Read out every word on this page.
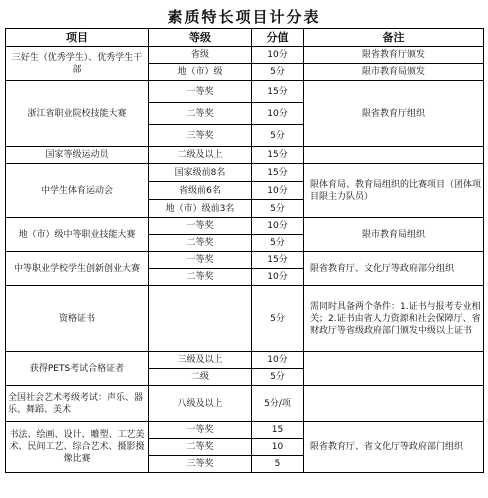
素质特长项目计分表
项目	等级	分值	备注
三好生（优秀学生）、优秀学生干部	省级	10分	限省教育厅颁发
	地（市）级	5分	限市教育局颁发
浙江省职业院校技能大赛	一等奖	15分	限省教育厅组织
	二等奖	10分	
	三等奖	5分	
国家等级运动员	二级及以上	15分	
中学生体育运动会	国家级前8名	15分	限体育局、教育局组织的比赛项目（团体项目限主力队员）
	省级前6名	10分	
	地（市）级前3名	5分	
地（市）级中等职业技能大赛	一等奖	10分	限市教育局组织
	二等奖	5分	
中等职业学校学生创新创业大赛	一等奖	15分	限省教育厅、文化厅等政府部分组织
	二等奖	10分	
资格证书		5分	需同时具备两个条件：1.证书与报考专业相关；2.证书由省人力资源和社会保障厅、省财政厅等省级政府部门颁发中级以上证书
获得PETS考试合格证者	三级及以上	10分	
	二级	5分	
全国社会艺术考级考试：声乐、器乐、舞蹈、美术	八级及以上	5分/项	
书法、绘画、设计、雕塑、工艺美术、民间工艺、综合艺术、摄影摄像比赛	一等奖	15	限省教育厅、省文化厅等政府部门组织
	二等奖	10	
	三等奖	5	
